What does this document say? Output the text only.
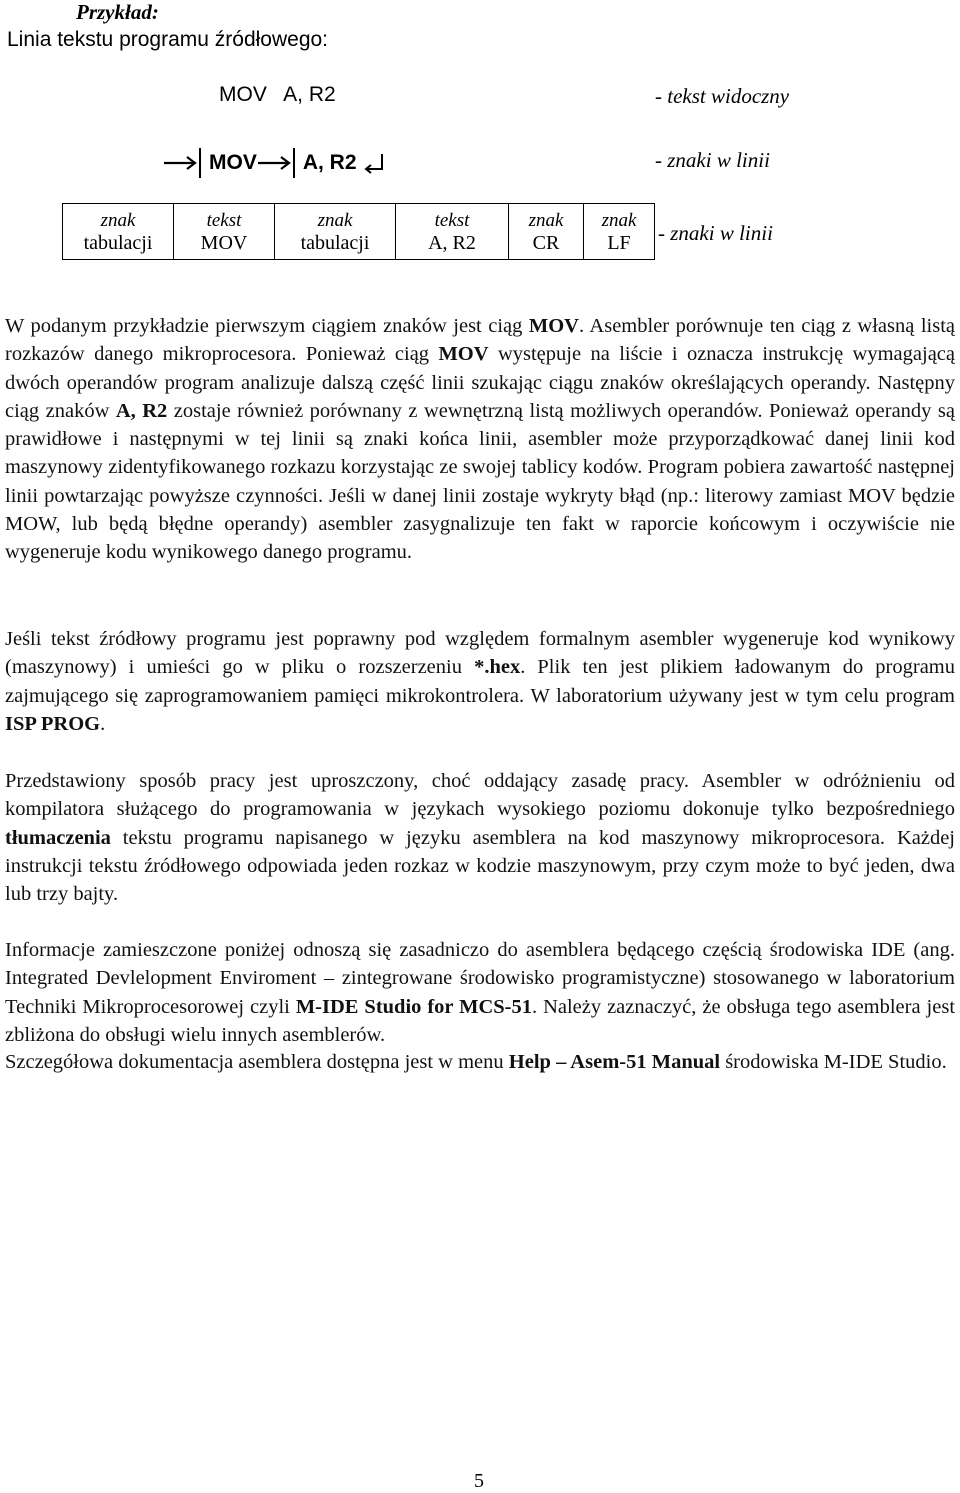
Przykład:
Linia tekstu programu źródłowego:
MOV   A, R2	- tekst widoczny
MOV A, R2	- znaki w linii
znak
tabulacji

tekst
MOV

znak
tabulacji

tekst
A, R2

znak
CR

znak
LF	- znaki w linii

W podanym przykładzie pierwszym ciągiem znaków jest ciąg MOV. Asembler porównuje ten ciąg z własną listą rozkazów danego mikroprocesora. Ponieważ ciąg MOV występuje na liście i oznacza instrukcję wymagającą dwóch operandów program analizuje dalszą część linii szukając ciągu znaków określających operandy. Następny ciąg znaków A, R2 zostaje również porównany z wewnętrzną listą możliwych operandów. Ponieważ operandy są prawidłowe i następnymi w tej linii są znaki końca linii, asembler może przyporządkować danej linii kod maszynowy zidentyfikowanego rozkazu korzystając ze swojej tablicy kodów. Program pobiera zawartość następnej linii powtarzając powyższe czynności. Jeśli w danej linii zostaje wykryty błąd (np.: literowy zamiast MOV będzie MOW, lub będą błędne operandy) asembler zasygnalizuje ten fakt w raporcie końcowym i oczywiście nie wygeneruje kodu wynikowego danego programu.

Jeśli tekst źródłowy programu jest poprawny pod względem formalnym asembler wygeneruje kod wynikowy (maszynowy) i umieści go w pliku o rozszerzeniu *.hex. Plik ten jest plikiem ładowanym do programu zajmującego się zaprogramowaniem pamięci mikrokontrolera. W laboratorium używany jest w tym celu program ISP PROG.

Przedstawiony sposób pracy jest uproszczony, choć oddający zasadę pracy. Asembler w odróżnieniu od kompilatora służącego do programowania w językach wysokiego poziomu dokonuje tylko bezpośredniego tłumaczenia tekstu programu napisanego w języku asemblera na kod maszynowy mikroprocesora. Każdej instrukcji tekstu źródłowego odpowiada jeden rozkaz w kodzie maszynowym, przy czym może to być jeden, dwa lub trzy bajty.

Informacje zamieszczone poniżej odnoszą się zasadniczo do asemblera będącego częścią środowiska IDE (ang. Integrated Devlelopment Enviroment – zintegrowane środowisko programistyczne) stosowanego w laboratorium Techniki Mikroprocesorowej czyli M-IDE Studio for MCS-51. Należy zaznaczyć, że obsługa tego asemblera jest zbliżona do obsługi wielu innych asemblerów.

Szczegółowa dokumentacja asemblera dostępna jest w menu Help – Asem-51 Manual środowiska M-IDE Studio.

5
